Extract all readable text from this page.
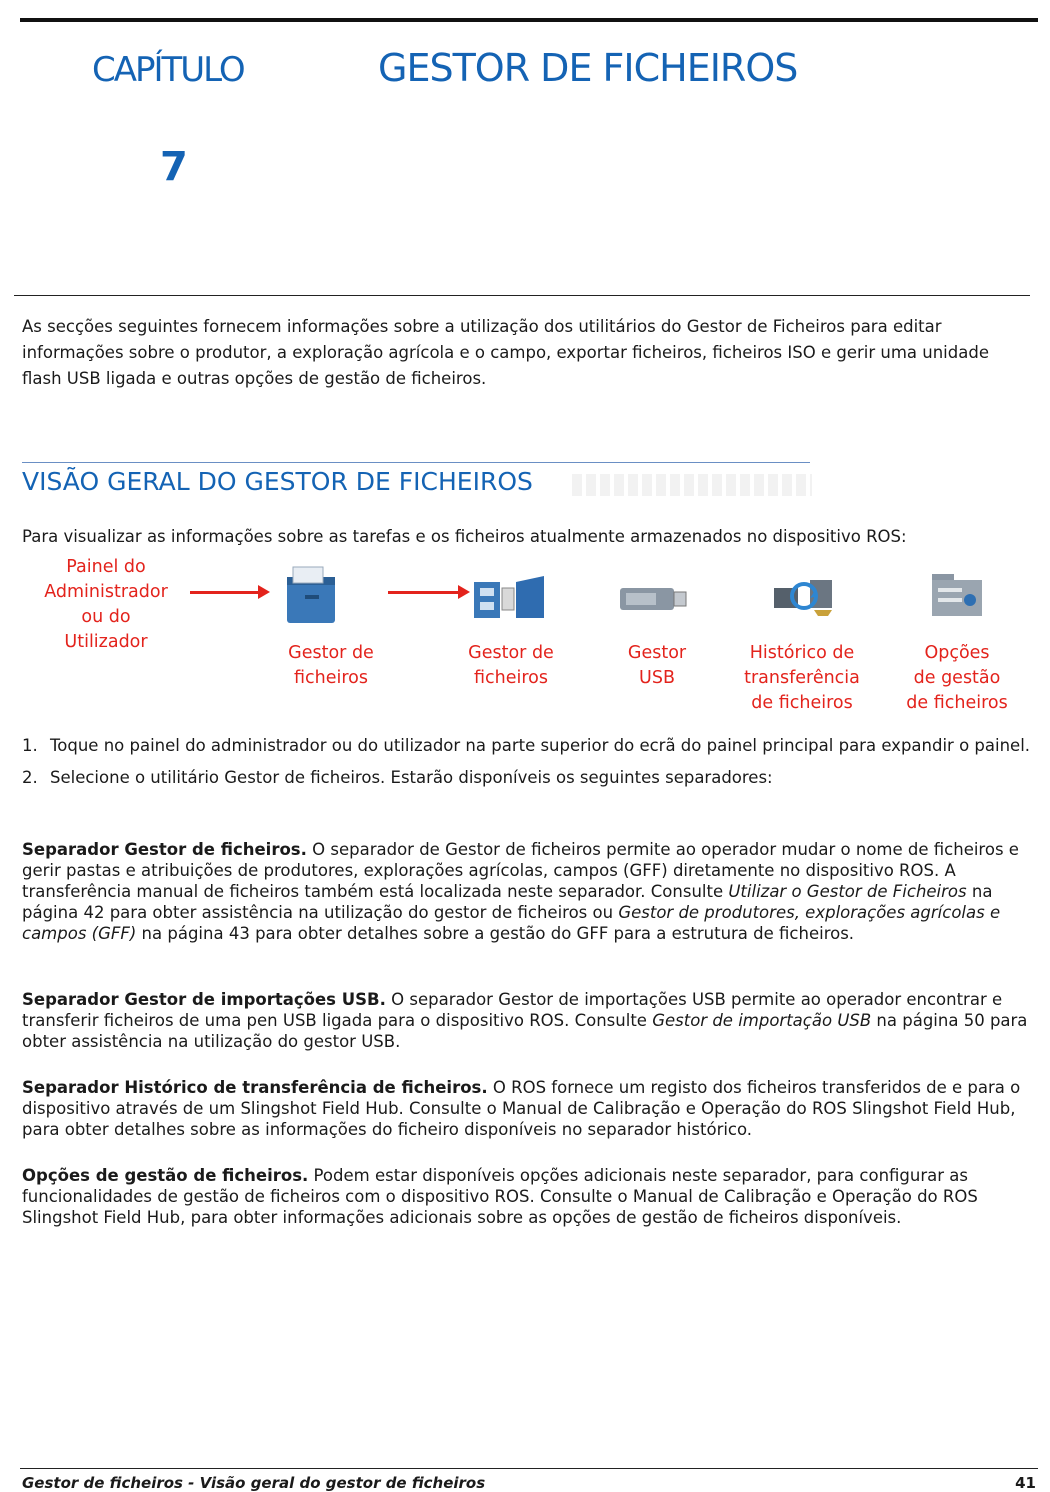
CAPÍTULO
7
GESTOR DE FICHEIROS
As secções seguintes fornecem informações sobre a utilização dos utilitários do Gestor de Ficheiros para editar informações sobre o produtor, a exploração agrícola e o campo, exportar ficheiros, ficheiros ISO e gerir uma unidade flash USB ligada e outras opções de gestão de ficheiros.
VISÃO GERAL DO GESTOR DE FICHEIROS
Para visualizar as informações sobre as tarefas e os ficheiros atualmente armazenados no dispositivo ROS:
Painel do
Administrador
ou do
Utilizador
Gestor de
ficheiros
Gestor de
ficheiros
Gestor
USB
Histórico de
transferência
de ficheiros
Opções
de gestão
de ficheiros
1. Toque no painel do administrador ou do utilizador na parte superior do ecrã do painel principal para expandir o painel.
2. Selecione o utilitário Gestor de ficheiros. Estarão disponíveis os seguintes separadores:
Separador Gestor de ficheiros. O separador de Gestor de ficheiros permite ao operador mudar o nome de ficheiros e gerir pastas e atribuições de produtores, explorações agrícolas, campos (GFF) diretamente no dispositivo ROS. A transferência manual de ficheiros também está localizada neste separador. Consulte Utilizar o Gestor de Ficheiros na página 42 para obter assistência na utilização do gestor de ficheiros ou Gestor de produtores, explorações agrícolas e campos (GFF) na página 43 para obter detalhes sobre a gestão do GFF para a estrutura de ficheiros.
Separador Gestor de importações USB. O separador Gestor de importações USB permite ao operador encontrar e transferir ficheiros de uma pen USB ligada para o dispositivo ROS. Consulte Gestor de importação USB na página 50 para obter assistência na utilização do gestor USB.
Separador Histórico de transferência de ficheiros. O ROS fornece um registo dos ficheiros transferidos de e para o dispositivo através de um Slingshot Field Hub. Consulte o Manual de Calibração e Operação do ROS Slingshot Field Hub, para obter detalhes sobre as informações do ficheiro disponíveis no separador histórico.
Opções de gestão de ficheiros. Podem estar disponíveis opções adicionais neste separador, para configurar as funcionalidades de gestão de ficheiros com o dispositivo ROS. Consulte o Manual de Calibração e Operação do ROS Slingshot Field Hub, para obter informações adicionais sobre as opções de gestão de ficheiros disponíveis.
Gestor de ficheiros - Visão geral do gestor de ficheiros	41
